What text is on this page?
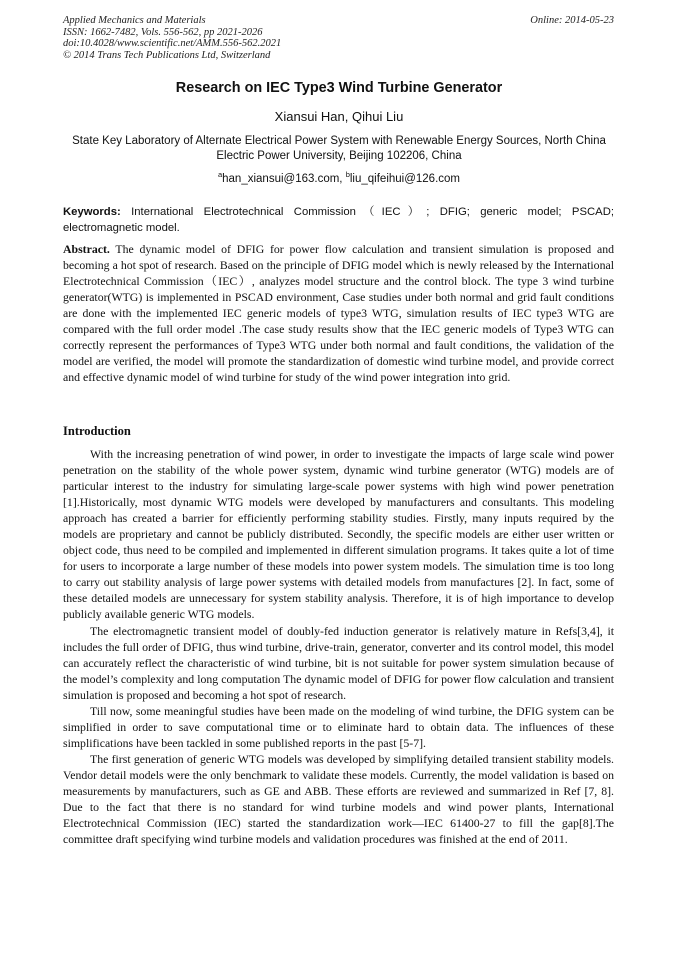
Applied Mechanics and Materials
ISSN: 1662-7482, Vols. 556-562, pp 2021-2026
doi:10.4028/www.scientific.net/AMM.556-562.2021
© 2014 Trans Tech Publications Ltd, Switzerland
Online: 2014-05-23
Research on IEC Type3 Wind Turbine Generator
Xiansui Han, Qihui Liu
State Key Laboratory of Alternate Electrical Power System with Renewable Energy Sources, North China Electric Power University, Beijing 102206, China
$^a$han_xiansui@163.com, $^b$liu_qifeihui@126.com
Keywords: International Electrotechnical Commission（IEC）; DFIG; generic model; PSCAD; electromagnetic model.
Abstract. The dynamic model of DFIG for power flow calculation and transient simulation is proposed and becoming a hot spot of research. Based on the principle of DFIG model which is newly released by the International Electrotechnical Commission（IEC）, analyzes model structure and the control block. The type 3 wind turbine generator(WTG) is implemented in PSCAD environment, Case studies under both normal and grid fault conditions are done with the implemented IEC generic models of type3 WTG, simulation results of IEC type3 WTG are compared with the full order model .The case study results show that the IEC generic models of Type3 WTG can correctly represent the performances of Type3 WTG under both normal and fault conditions, the validation of the model are verified, the model will promote the standardization of domestic wind turbine model, and provide correct and effective dynamic model of wind turbine for study of the wind power integration into grid.
Introduction

With the increasing penetration of wind power, in order to investigate the impacts of large scale wind power penetration on the stability of the whole power system, dynamic wind turbine generator (WTG) models are of particular interest to the industry for simulating large-scale power systems with high wind power penetration [1].Historically, most dynamic WTG models were developed by manufacturers and consultants. This modeling approach has created a barrier for efficiently performing stability studies. Firstly, many inputs required by the models are proprietary and cannot be publicly distributed. Secondly, the specific models are either user written or object code, thus need to be compiled and implemented in different simulation programs. It takes quite a lot of time for users to incorporate a large number of these models into power system models. The simulation time is too long to carry out stability analysis of large power systems with detailed models from manufactures [2]. In fact, some of these detailed models are unnecessary for system stability analysis. Therefore, it is of high importance to develop publicly available generic WTG models.

The electromagnetic transient model of doubly-fed induction generator is relatively mature in Refs[3,4], it includes the full order of DFIG, thus wind turbine, drive-train, generator, converter and its control model, this model can accurately reflect the characteristic of wind turbine, bit is not suitable for power system simulation because of the model’s complexity and long computation The dynamic model of DFIG for power flow calculation and transient simulation is proposed and becoming a hot spot of research.

Till now, some meaningful studies have been made on the modeling of wind turbine, the DFIG system can be simplified in order to save computational time or to eliminate hard to obtain data. The influences of these simplifications have been tackled in some published reports in the past [5-7].

The first generation of generic WTG models was developed by simplifying detailed transient stability models. Vendor detail models were the only benchmark to validate these models. Currently, the model validation is based on measurements by manufacturers, such as GE and ABB. These efforts are reviewed and summarized in Ref [7, 8]. Due to the fact that there is no standard for wind turbine models and wind power plants, International Electrotechnical Commission (IEC) started the standardization work—IEC 61400-27 to fill the gap[8].The committee draft specifying wind turbine models and validation procedures was finished at the end of 2011.
